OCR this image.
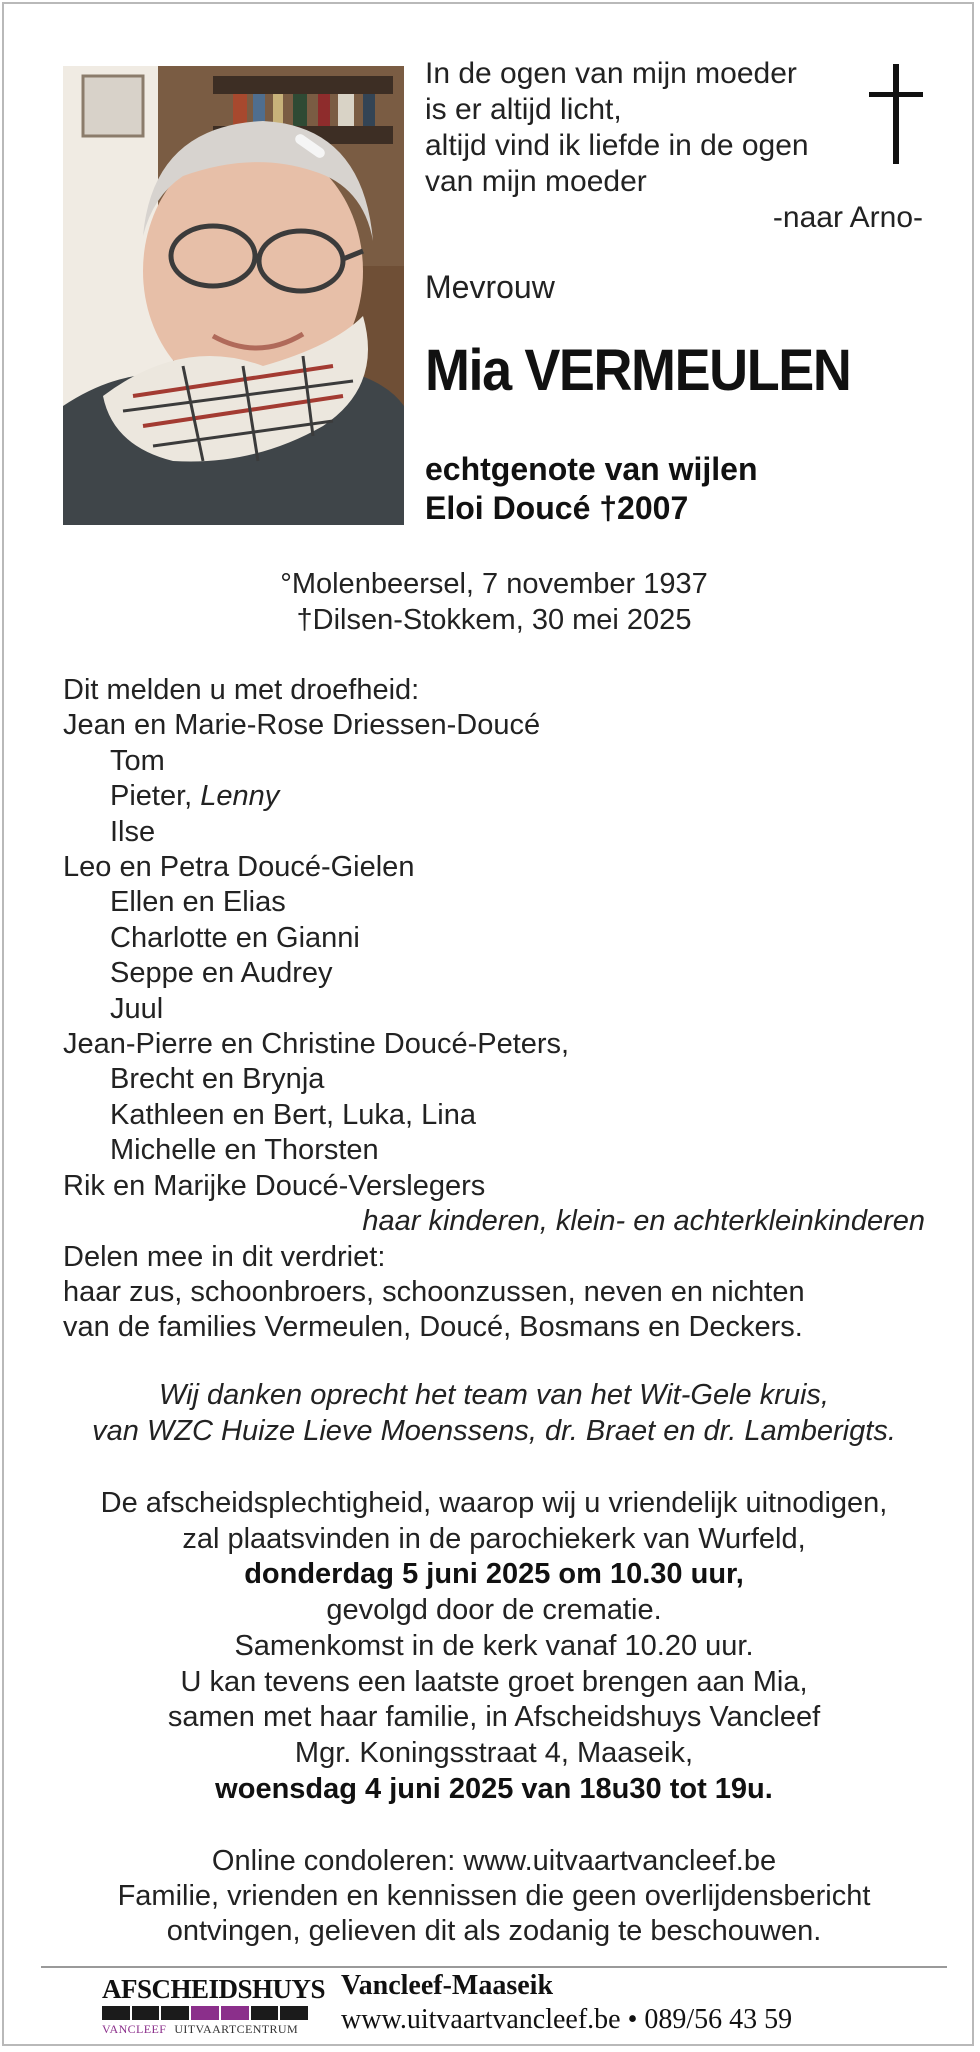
In de ogen van mijn moeder
is er altijd licht,
altijd vind ik liefde in de ogen
van mijn moeder
-naar Arno-
Mevrouw
Mia VERMEULEN
echtgenote van wijlen
Eloi Doucé †2007
°Molenbeersel, 7 november 1937
†Dilsen-Stokkem, 30 mei 2025
Dit melden u met droefheid:
Jean en Marie-Rose Driessen-Doucé
Tom
Pieter, Lenny
Ilse
Leo en Petra Doucé-Gielen
Ellen en Elias
Charlotte en Gianni
Seppe en Audrey
Juul
Jean-Pierre en Christine Doucé-Peters,
Brecht en Brynja
Kathleen en Bert, Luka, Lina
Michelle en Thorsten
Rik en Marijke Doucé-Verslegers
haar kinderen, klein- en achterkleinkinderen
Delen mee in dit verdriet:
haar zus, schoonbroers, schoonzussen, neven en nichten
van de families Vermeulen, Doucé, Bosmans en Deckers.
Wij danken oprecht het team van het Wit-Gele kruis,
van WZC Huize Lieve Moenssens, dr. Braet en dr. Lamberigts.
De afscheidsplechtigheid, waarop wij u vriendelijk uitnodigen,
zal plaatsvinden in de parochiekerk van Wurfeld,
donderdag 5 juni 2025 om 10.30 uur,
gevolgd door de crematie.
Samenkomst in de kerk vanaf 10.20 uur.
U kan tevens een laatste groet brengen aan Mia,
samen met haar familie, in Afscheidshuys Vancleef
Mgr. Koningsstraat 4, Maaseik,
woensdag 4 juni 2025 van 18u30 tot 19u.
Online condoleren: www.uitvaartvancleef.be
Familie, vrienden en kennissen die geen overlijdensbericht
ontvingen, gelieven dit als zodanig te beschouwen.
AFSCHEIDSHUYS
VANCLEEF UITVAARTCENTRUM
Vancleef-Maaseik
www.uitvaartvancleef.be • 089/56 43 59
